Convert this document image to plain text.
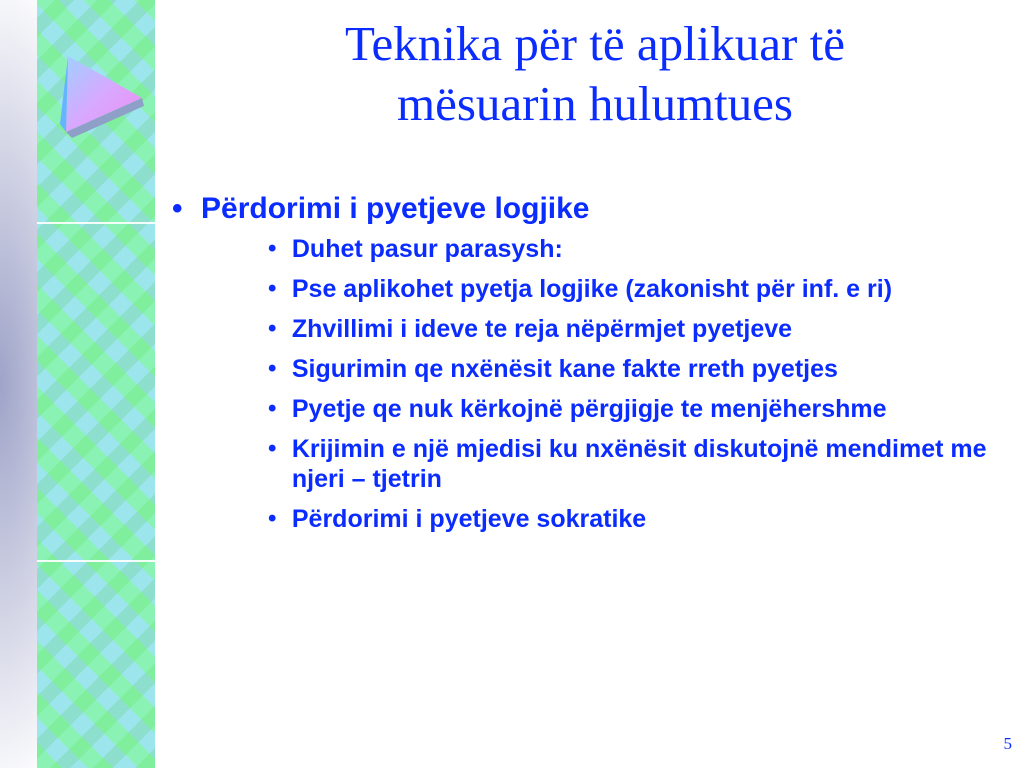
Teknika për të aplikuar të
mësuarin hulumtues
• Përdorimi i pyetjeve logjike
• Duhet pasur parasysh:
• Pse aplikohet pyetja logjike (zakonisht për inf. e ri)
• Zhvillimi i ideve te reja nëpërmjet pyetjeve
• Sigurimin qe nxënësit kane fakte rreth pyetjes
• Pyetje qe nuk kërkojnë përgjigje te menjëhershme
• Krijimin e një mjedisi ku nxënësit diskutojnë mendimet me njeri – tjetrin
• Përdorimi i pyetjeve sokratike
5
